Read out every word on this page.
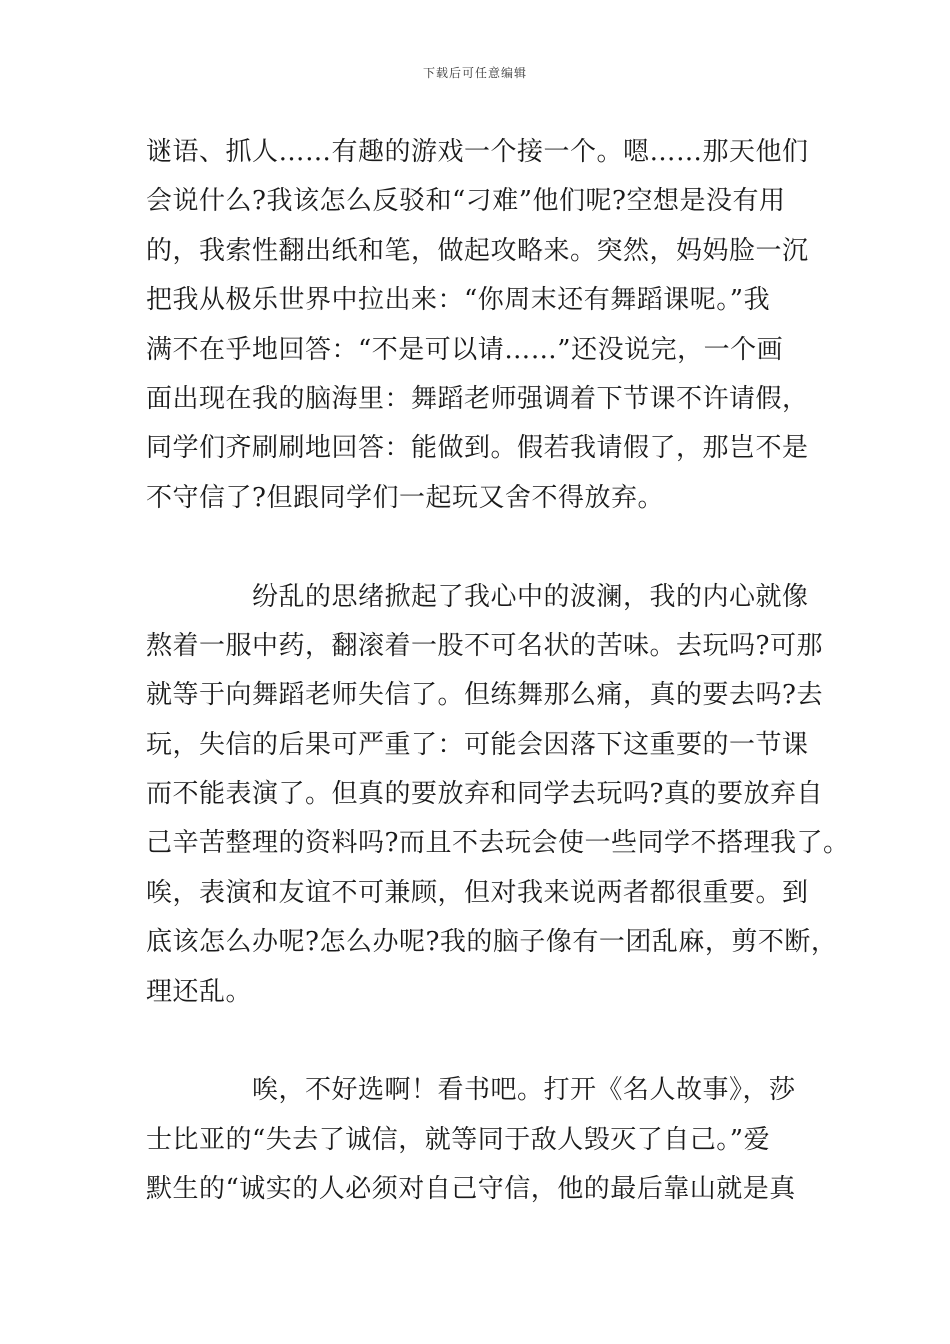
下载后可任意编辑
谜语、抓人……有趣的游戏一个接一个。嗯……那天他们
会说什么?我该怎么反驳和“刁难”他们呢?空想是没有用
的，我索性翻出纸和笔，做起攻略来。突然，妈妈脸一沉
把我从极乐世界中拉出来：“你周末还有舞蹈课呢。”我
满不在乎地回答：“不是可以请……”还没说完，一个画
面出现在我的脑海里：舞蹈老师强调着下节课不许请假，
同学们齐刷刷地回答：能做到。假若我请假了，那岂不是
不守信了?但跟同学们一起玩又舍不得放弃。
纷乱的思绪掀起了我心中的波澜，我的内心就像
熬着一服中药，翻滚着一股不可名状的苦味。去玩吗?可那
就等于向舞蹈老师失信了。但练舞那么痛，真的要去吗?去
玩，失信的后果可严重了：可能会因落下这重要的一节课
而不能表演了。但真的要放弃和同学去玩吗?真的要放弃自
己辛苦整理的资料吗?而且不去玩会使一些同学不搭理我了。
唉，表演和友谊不可兼顾，但对我来说两者都很重要。到
底该怎么办呢?怎么办呢?我的脑子像有一团乱麻，剪不断，
理还乱。
唉，不好选啊！看书吧。打开《名人故事》，莎
士比亚的“失去了诚信，就等同于敌人毁灭了自己。”爱
默生的“诚实的人必须对自己守信，他的最后靠山就是真
